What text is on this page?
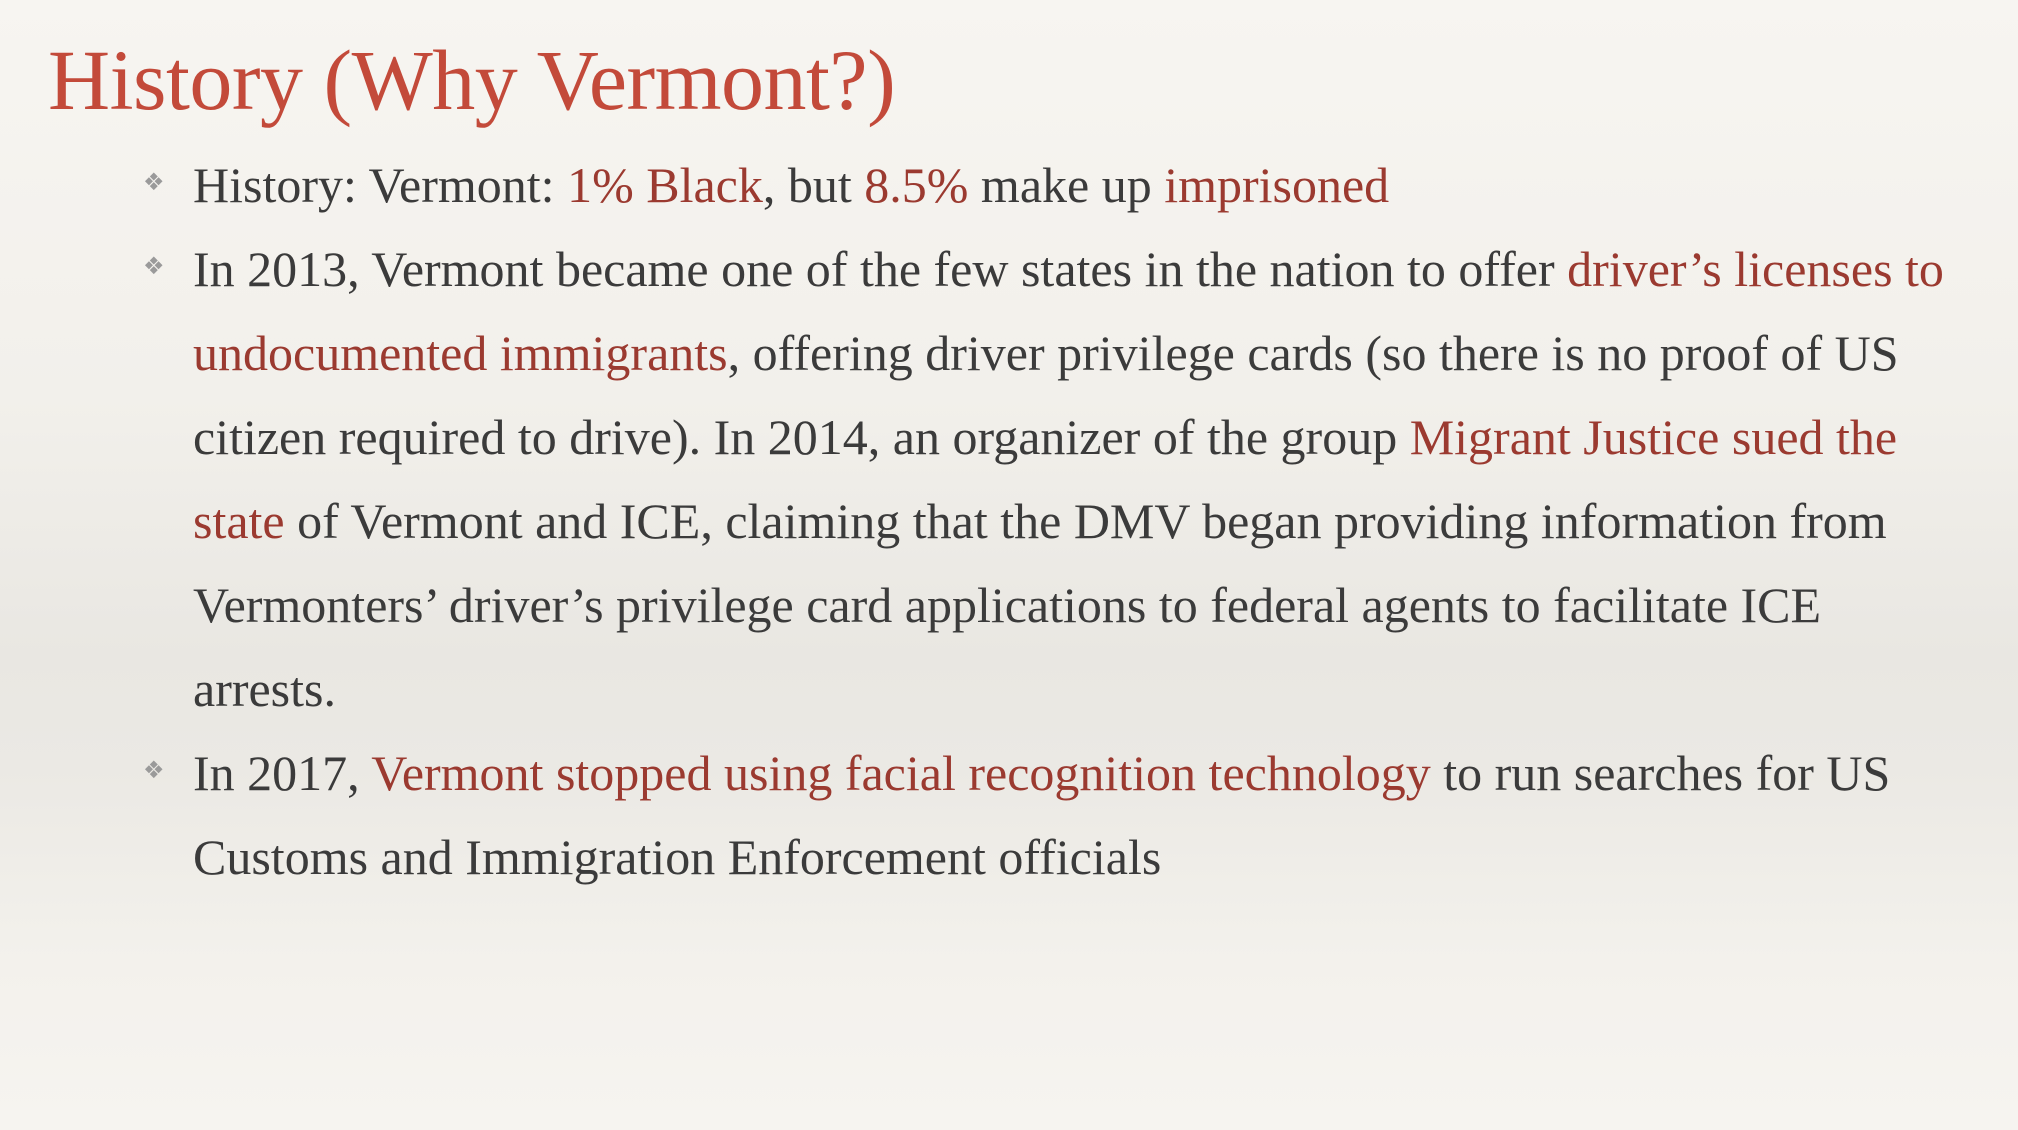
History (Why Vermont?)
❖ History: Vermont: 1% Black, but 8.5% make up imprisoned
❖ In 2013, Vermont became one of the few states in the nation to offer driver’s licenses to undocumented immigrants, offering driver privilege cards (so there is no proof of US citizen required to drive). In 2014, an organizer of the group Migrant Justice sued the state of Vermont and ICE, claiming that the DMV began providing information from Vermonters’ driver’s privilege card applications to federal agents to facilitate ICE arrests.
❖ In 2017, Vermont stopped using facial recognition technology to run searches for US Customs and Immigration Enforcement officials
